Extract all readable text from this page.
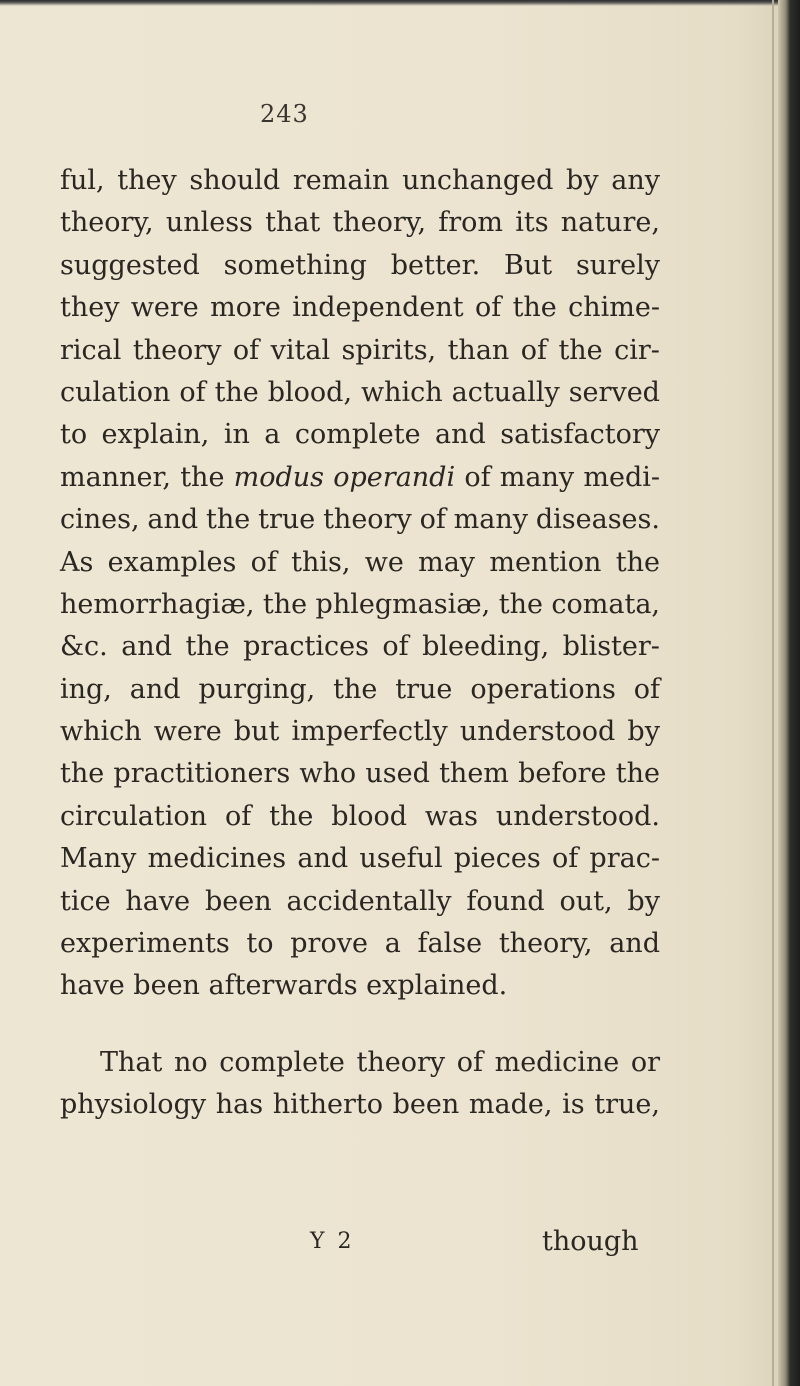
243
ful, they should remain unchanged by any
theory, unless that theory, from its nature,
suggested something better. But surely
they were more independent of the chime-
rical theory of vital spirits, than of the cir-
culation of the blood, which actually served
to explain, in a complete and satisfactory
manner, the modus operandi of many medi-
cines, and the true theory of many diseases.
As examples of this, we may mention the
hemorrhagiæ, the phlegmasiæ, the comata,
&c. and the practices of bleeding, blister-
ing, and purging, the true operations of
which were but imperfectly understood by
the practitioners who used them before the
circulation of the blood was understood.
Many medicines and useful pieces of prac-
tice have been accidentally found out, by
experiments to prove a false theory, and
have been afterwards explained.
That no complete theory of medicine or
physiology has hitherto been made, is true,
Y 2	though
